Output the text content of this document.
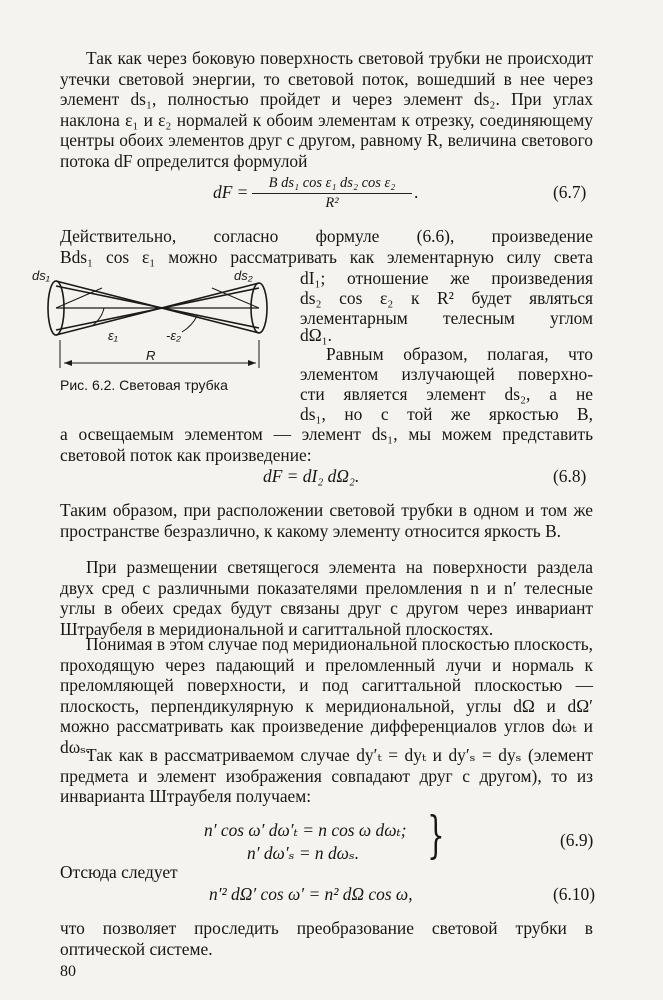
Так как через боковую поверхность световой трубки не происходит утечки световой энергии, то световой поток, вошедший в нее через элемент ds₁, полностью пройдет и через элемент ds₂. При углах наклона ε₁ и ε₂ нормалей к обоим элементам к отрезку, соединяющему центры обоих элементов друг с другом, равному R, величина светового потока dF определится формулой

dF = $\frac{\text{B ds₁ cos ε₁ ds₂ cos ε₂}}{\text{R²}}$ .	(6.7)
Действительно, согласно формуле (6.6), произведение
Bds₁ cos ε₁ можно рассматривать как элементарную силу света
dI₁; отношение же произведения
ds₂ cos ε₂ к R² будет являться
элементарным телесным углом
dΩ₁.
Равным образом, полагая, что
элементом излучающей поверхно-
сти является элемент ds₂, а не
ds₁, но с той же яркостью B,
ds₁	ds₂
ε₁	-ε₂
R
Рис. 6.2. Световая трубка

а освещаемым элементом — элемент ds₁, мы можем представить световой поток как произведение:

dF = dI₂ dΩ₂.	(6.8)

Таким образом, при расположении световой трубки в одном и том же пространстве безразлично, к какому элементу относится яркость B.

При размещении светящегося элемента на поверхности раздела двух сред с различными показателями преломления n и n′ телесные углы в обеих средах будут связаны друг с другом через инвариант Штраубеля в меридиональной и сагиттальной плоскостях.

Понимая в этом случае под меридиональной плоскостью плоскость, проходящую через падающий и преломленный лучи и нормаль к преломляющей поверхности, и под сагиттальной плоскостью — плоскость, перпендикулярную к меридиональной, углы dΩ и dΩ′ можно рассматривать как произведение дифференциалов углов dωₜ и dωₛ.

Так как в рассматриваемом случае dy′ₜ = dyₜ и dy′ₛ = dyₛ (элемент предмета и элемент изображения совпадают друг с другом), то из инварианта Штраубеля получаем:

n′ cos ω′ dω′ₜ = n cos ω dωₜ;
n′ dω′ₛ = n dωₛ. }	(6.9)
Отсюда следует
n′² dΩ′ cos ω′ = n² dΩ cos ω,	(6.10)

что позволяет проследить преобразование световой трубки в оптической системе.

80
